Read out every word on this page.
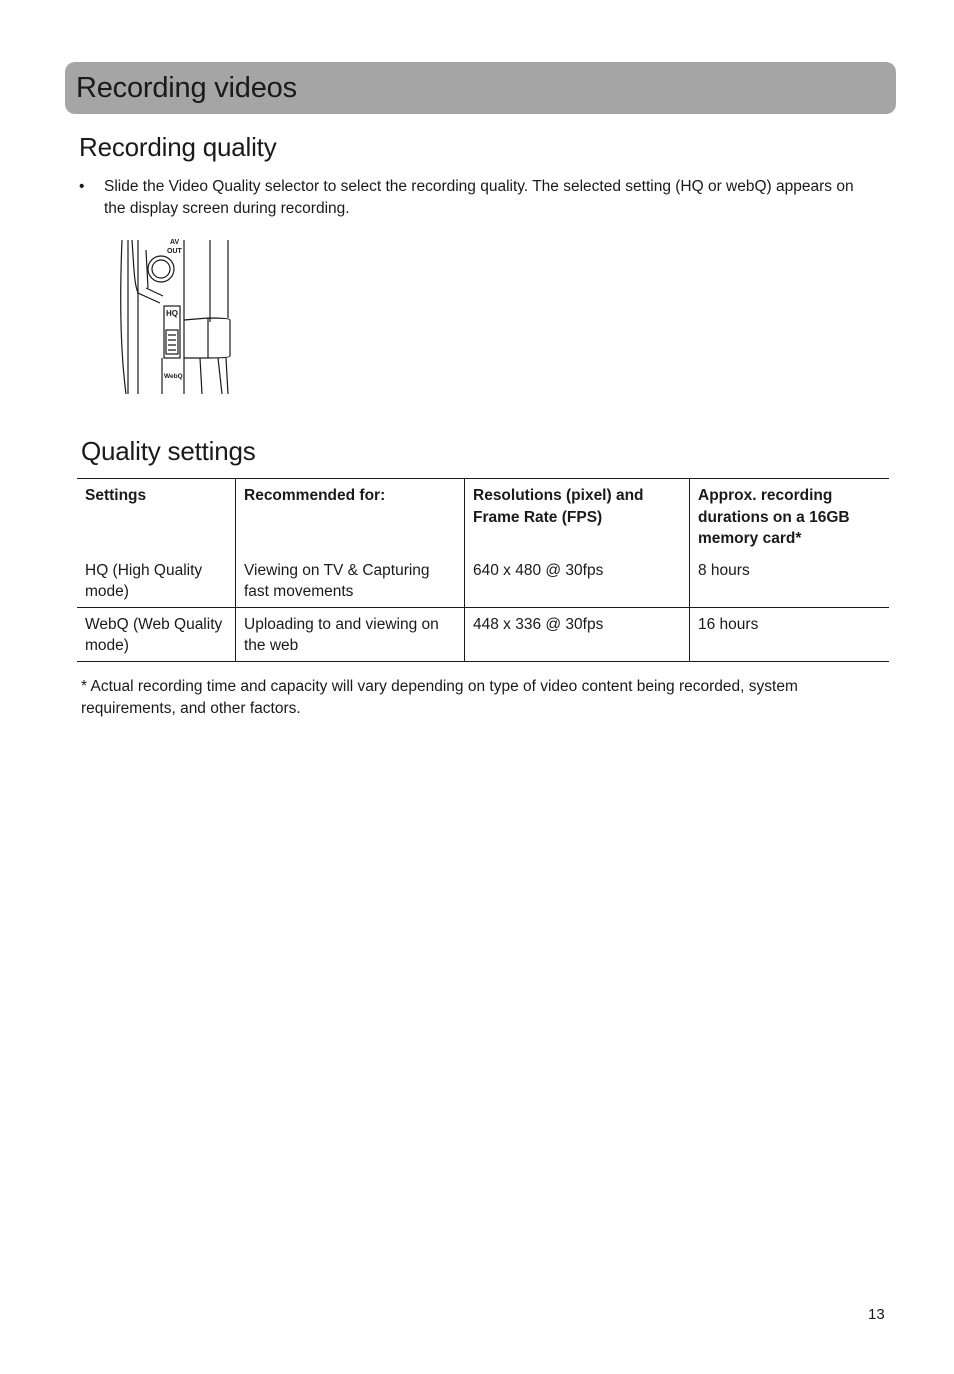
Recording videos
Recording quality
•	Slide the Video Quality selector to select the recording quality. The selected setting (HQ or webQ) appears on the display screen during recording.
AV
OUT
HQ
WebQ
Quality settings
Settings	Recommended for:	Resolutions (pixel) and Frame Rate (FPS)	Approx. recording durations on a 16GB memory card*
HQ (High Quality mode)	Viewing on TV & Capturing fast movements	640 x 480 @ 30fps	8 hours
WebQ (Web Quality mode)	Uploading to and viewing on the web	448 x 336 @ 30fps	16 hours
* Actual recording time and capacity will vary depending on type of video content being recorded, system requirements, and other factors.
13
